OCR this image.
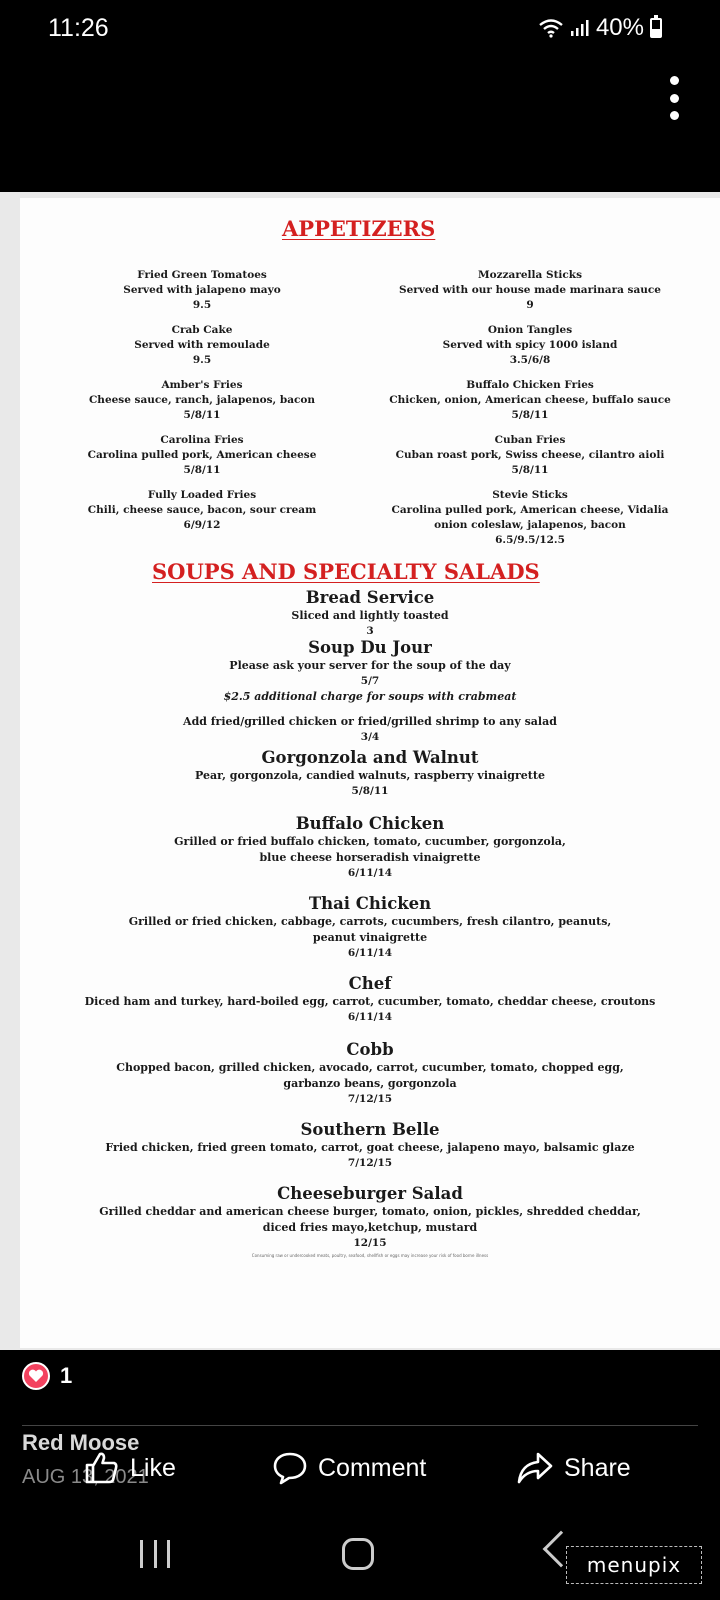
11:26	40%
APPETIZERS
Fried Green Tomatoes
Served with jalapeno mayo
9.5
Crab Cake
Served with remoulade
9.5
Amber's Fries
Cheese sauce, ranch, jalapenos, bacon
5/8/11
Carolina Fries
Carolina pulled pork, American cheese
5/8/11
Fully Loaded Fries
Chili, cheese sauce, bacon, sour cream
6/9/12
Mozzarella Sticks
Served with our house made marinara sauce
9
Onion Tangles
Served with spicy 1000 island
3.5/6/8
Buffalo Chicken Fries
Chicken, onion, American cheese, buffalo sauce
5/8/11
Cuban Fries
Cuban roast pork, Swiss cheese, cilantro aioli
5/8/11
Stevie Sticks
Carolina pulled pork, American cheese, Vidalia
onion coleslaw, jalapenos, bacon
6.5/9.5/12.5
SOUPS AND SPECIALTY SALADS
Bread Service
Sliced and lightly toasted
3
Soup Du Jour
Please ask your server for the soup of the day
5/7
$2.5 additional charge for soups with crabmeat
Add fried/grilled chicken or fried/grilled shrimp to any salad
3/4
Gorgonzola and Walnut
Pear, gorgonzola, candied walnuts, raspberry vinaigrette
5/8/11
Buffalo Chicken
Grilled or fried buffalo chicken, tomato, cucumber, gorgonzola,
blue cheese horseradish vinaigrette
6/11/14
Thai Chicken
Grilled or fried chicken, cabbage, carrots, cucumbers, fresh cilantro, peanuts,
peanut vinaigrette
6/11/14
Chef
Diced ham and turkey, hard-boiled egg, carrot, cucumber, tomato, cheddar cheese, croutons
6/11/14
Cobb
Chopped bacon, grilled chicken, avocado, carrot, cucumber, tomato, chopped egg,
garbanzo beans, gorgonzola
7/12/15
Southern Belle
Fried chicken, fried green tomato, carrot, goat cheese, jalapeno mayo, balsamic glaze
7/12/15
Cheeseburger Salad
Grilled cheddar and american cheese burger, tomato, onion, pickles, shredded cheddar,
diced fries mayo,ketchup, mustard
12/15
Consuming raw or undercooked meats, poultry, seafood, shellfish or eggs may increase your risk of food borne illness
Red Moose
AUG 13, 2021
1
Like	Comment	Share
menupix
